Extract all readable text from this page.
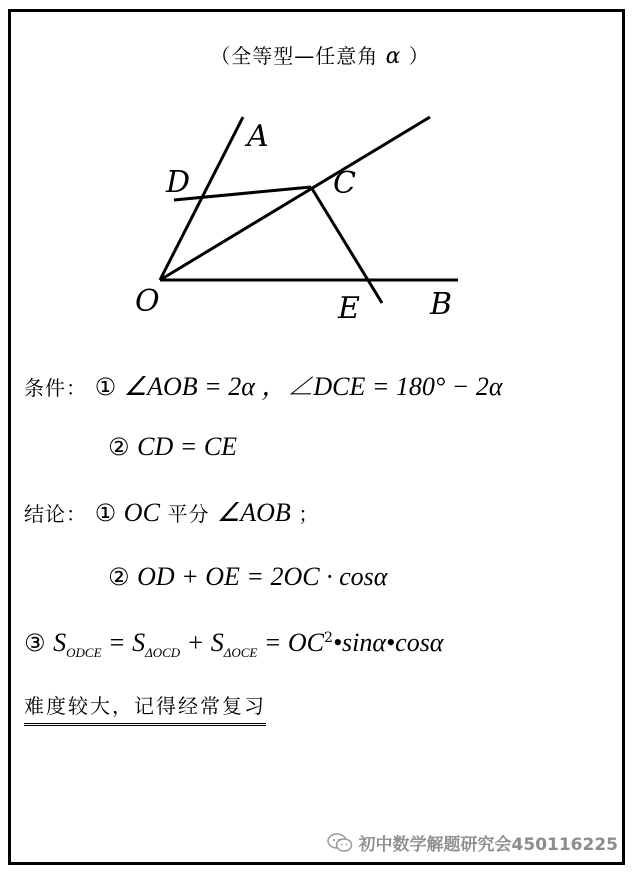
（全等型—任意角 α ）
A
D	C
O	E B
条件： ① ∠AOB = 2α ，∠DCE = 180° − 2α
② CD = CE
结论： ① OC 平分 ∠AOB ；
② OD + OE = 2OC · cosα
③ $S_{ODCE} = S_{\Delta OCD} + S_{\Delta OCE}$ = $OC^2•\sin\alpha•\cos\alpha$
难度较大，记得经常复习
初中数学解题研究会450116225
